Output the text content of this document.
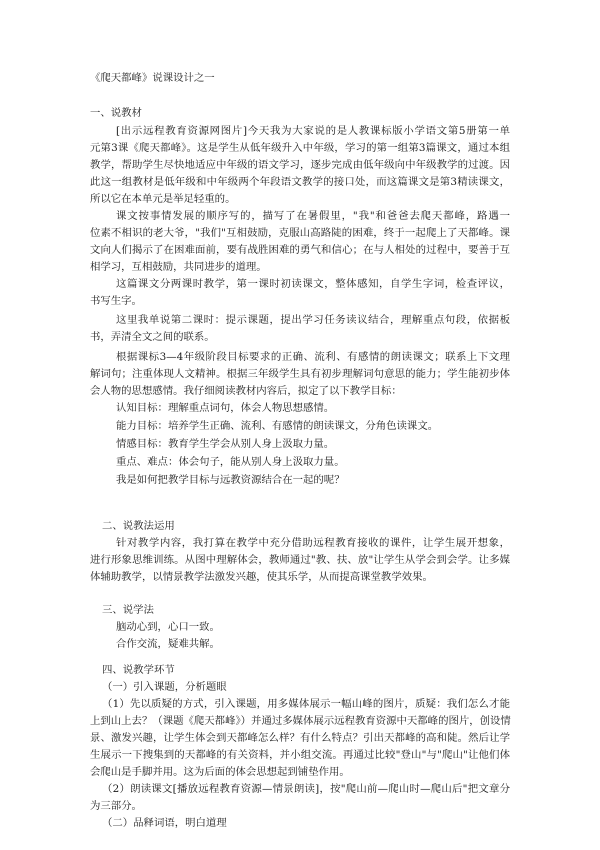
《爬天都峰》说课设计之一
一、说教材
[出示远程教育资源网图片]今天我为大家说的是人教课标版小学语文第5册第一单
元第3课《爬天都峰》。这是学生从低年级升入中年级，学习的第一组第3篇课文，通过本组
教学，帮助学生尽快地适应中年级的语文学习，逐步完成由低年级向中年级教学的过渡。因
此这一组教材是低年级和中年级两个年段语文教学的接口处，而这篇课文是第3精读课文，
所以它在本单元是举足轻重的。
课文按事情发展的顺序写的，描写了在暑假里，"我"和爸爸去爬天都峰，路遇一
位素不相识的老大爷，"我们"互相鼓励，克服山高路陡的困难，终于一起爬上了天都峰。课
文向人们揭示了在困难面前，要有战胜困难的勇气和信心；在与人相处的过程中，要善于互
相学习，互相鼓励，共同进步的道理。
这篇课文分两课时教学，第一课时初读课文，整体感知，自学生字词，检查评议，
书写生字。
这里我单说第二课时：提示课题，提出学习任务读议结合，理解重点句段，依据板
书，弄清全文之间的联系。
根据课标3—4年级阶段目标要求的正确、流利、有感情的朗读课文；联系上下文理
解词句；注重体现人文精神。根据三年级学生具有初步理解词句意思的能力；学生能初步体
会人物的思想感情。我仔细阅读教材内容后，拟定了以下教学目标：
认知目标：理解重点词句，体会人物思想感情。
能力目标：培养学生正确、流利、有感情的朗读课文，分角色读课文。
情感目标：教育学生学会从别人身上汲取力量。
重点、难点：体会句子，能从别人身上汲取力量。
我是如何把教学目标与远教资源结合在一起的呢？
二、说教法运用
针对教学内容，我打算在教学中充分借助远程教育接收的课件，让学生展开想象，
进行形象思维训练。从图中理解体会，教师通过"教、扶、放"让学生从学会到会学。让多媒
体辅助教学，以情景教学法激发兴趣，使其乐学，从而提高课堂教学效果。
三、说学法
脑动心到，心口一致。
合作交流，疑难共解。
四、说教学环节
（一）引入课题，分析题眼
（1）先以质疑的方式，引入课题，用多媒体展示一幅山峰的图片，质疑：我们怎么才能
上到山上去？（课题《爬天都峰》）并通过多媒体展示远程教育资源中天都峰的图片，创设情
景、激发兴趣，让学生体会到天都峰怎么样？有什么特点？引出天都峰的高和陡。然后让学
生展示一下搜集到的天都峰的有关资料，并小组交流。再通过比较"登山"与"爬山"让他们体
会爬山是手脚并用。这为后面的体会思想起到铺垫作用。
（2）朗读课文[播放远程教育资源—情景朗读]，按"爬山前—爬山时—爬山后"把文章分
为三部分。
（二）品释词语，明白道理
